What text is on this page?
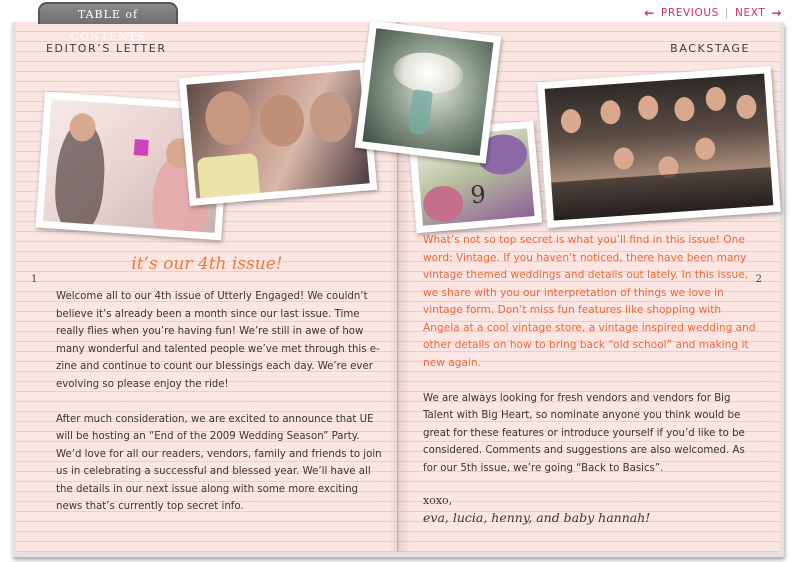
TABLE of CONTENTS
← PREVIOUS | NEXT →
EDITOR’S LETTER
1
it’s our 4th issue!

Welcome all to our 4th issue of Utterly Engaged! We couldn’t believe it’s already been a month since our last issue. Time really flies when you’re having fun! We’re still in awe of how many wonderful and talented people we’ve met through this e-zine and continue to count our blessings each day. We’re ever evolving so please enjoy the ride!

After much consideration, we are excited to announce that UE will be hosting an “End of the 2009 Wedding Season” Party. We’d love for all our readers, vendors, family and friends to join us in celebrating a successful and blessed year. We’ll have all the details in our next issue along with some more exciting news that’s currently top secret info.

BACKSTAGE
2

What’s not so top secret is what you’ll find in this issue! One word: Vintage. If you haven’t noticed, there have been many vintage themed weddings and details out lately. In this issue, we share with you our interpretation of things we love in vintage form. Don’t miss fun features like shopping with Angela at a cool vintage store, a vintage inspired wedding and other details on how to bring back “old school” and making it new again.

We are always looking for fresh vendors and vendors for Big Talent with Big Heart, so nominate anyone you think would be great for these features or introduce yourself if you’d like to be considered. Comments and suggestions are also welcomed. As for our 5th issue, we’re going “Back to Basics”.

xoxo,
eva, lucia, henny, and baby hannah!
9
